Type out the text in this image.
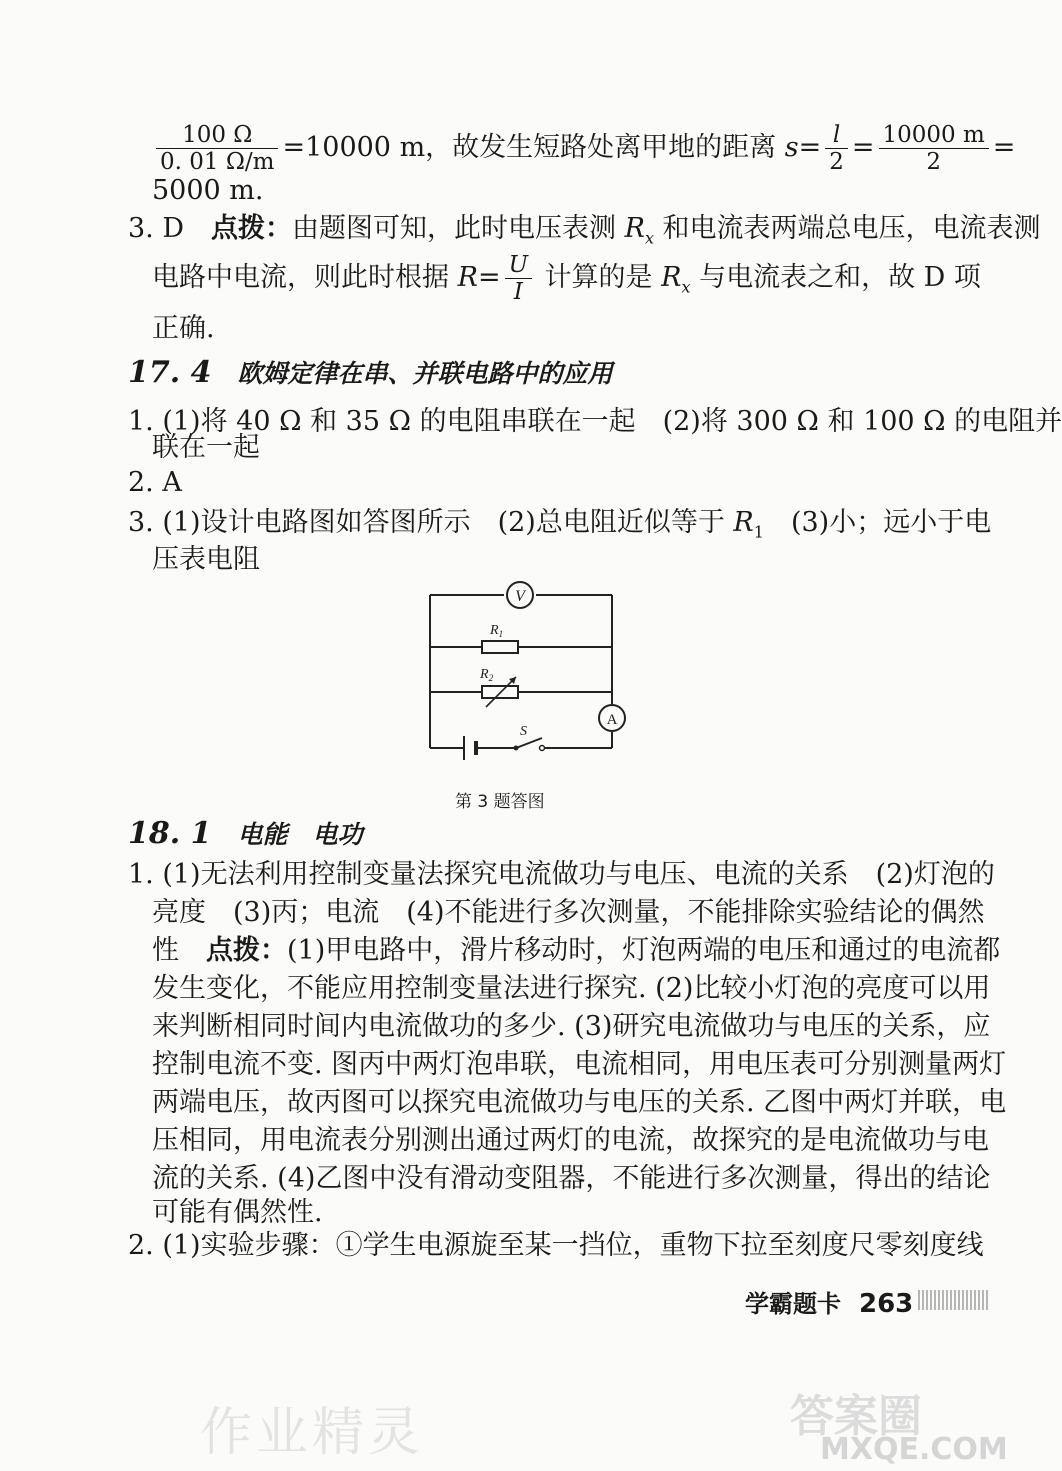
$\frac{100 \Omega}{0. 01 \Omega/m} =10000$ m，故发生短路处离甲地的距离 $s= \frac{l}{2} = \frac{10000 m}{2}$ =
5000 m.
3. D　 点拨：由题图可知，此时电压表测 $R_x$ 和电流表两端总电压，电流表测
电路中电流，则此时根据 $R= \frac{U}{I}$ 计算的是 $R_x$ 与电流表之和，故 D 项
正确.
17. 4 欧姆定律在串、并联电路中的应用
1. (1)将 40 Ω 和 35 Ω 的电阻串联在一起　(2)将 300 Ω 和 100 Ω 的电阻并
联在一起
2. A
3. (1)设计电路图如答图所示　(2)总电阻近似等于 $R_1$　(3)小；远小于电
压表电阻
V
$R_1$
$R_2$
A
S
第 3 题答图
18. 1 电能　电功
1. (1)无法利用控制变量法探究电流做功与电压、电流的关系　(2)灯泡的
亮度　(3)丙；电流　(4)不能进行多次测量，不能排除实验结论的偶然
性　点拨：(1)甲电路中，滑片移动时，灯泡两端的电压和通过的电流都
发生变化，不能应用控制变量法进行探究. (2)比较小灯泡的亮度可以用
来判断相同时间内电流做功的多少. (3)研究电流做功与电压的关系，应
控制电流不变. 图丙中两灯泡串联，电流相同，用电压表可分别测量两灯
两端电压，故丙图可以探究电流做功与电压的关系. 乙图中两灯并联，电
压相同，用电流表分别测出通过两灯的电流，故探究的是电流做功与电
流的关系. (4)乙图中没有滑动变阻器，不能进行多次测量，得出的结论
可能有偶然性.
2. (1)实验步骤：①学生电源旋至某一挡位，重物下拉至刻度尺零刻度线
学霸题卡 263
作业精灵	答案圈
MXQE.COM
